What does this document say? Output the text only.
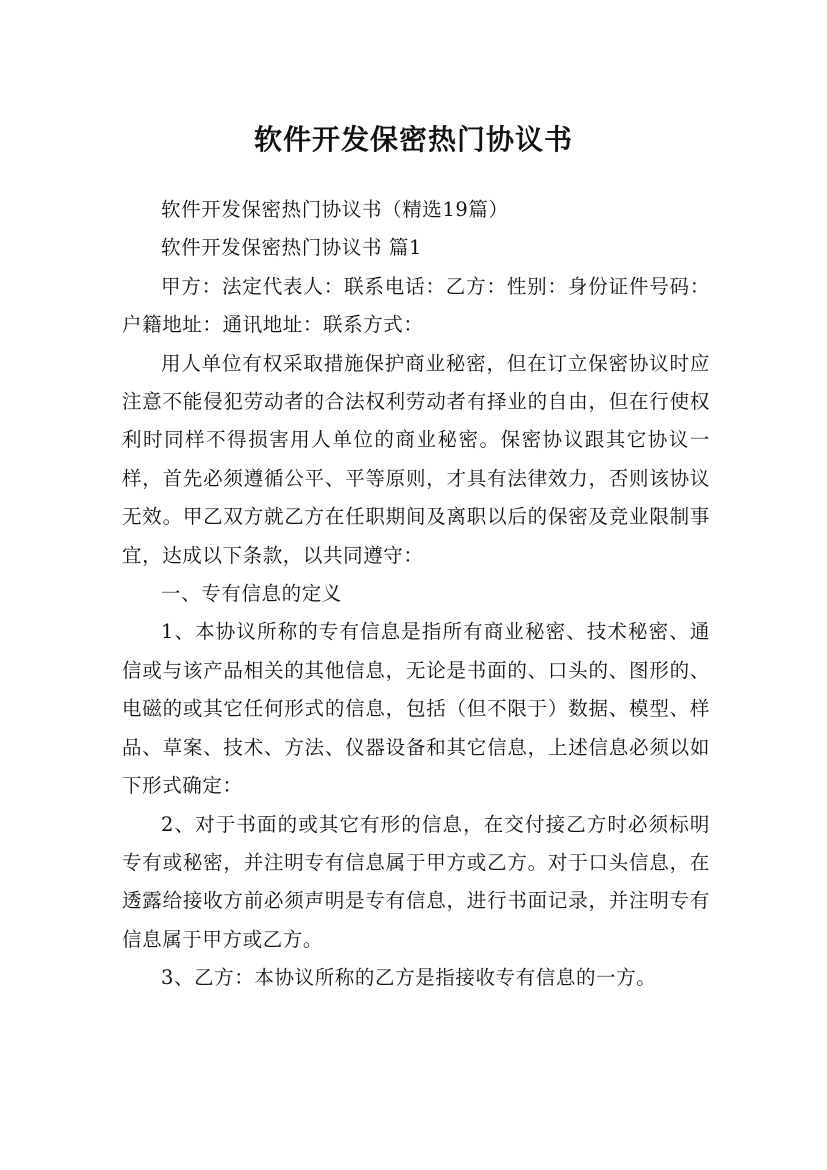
软件开发保密热门协议书

软件开发保密热门协议书（精选19篇）

软件开发保密热门协议书 篇1

甲方：法定代表人：联系电话：乙方：性别：身份证件号码： 户籍地址：通讯地址：联系方式：

用人单位有权采取措施保护商业秘密，但在订立保密协议时应注意不能侵犯劳动者的合法权利劳动者有择业的自由，但在行使权利时同样不得损害用人单位的商业秘密。保密协议跟其它协议一样，首先必须遵循公平、平等原则，才具有法律效力，否则该协议无效。甲乙双方就乙方在任职期间及离职以后的保密及竞业限制事宜，达成以下条款，以共同遵守：

一、专有信息的定义

1、本协议所称的专有信息是指所有商业秘密、技术秘密、通信或与该产品相关的其他信息，无论是书面的、口头的、图形的、电磁的或其它任何形式的信息，包括（但不限于）数据、模型、样品、草案、技术、方法、仪器设备和其它信息，上述信息必须以如下形式确定：

2、对于书面的或其它有形的信息，在交付接乙方时必须标明专有或秘密，并注明专有信息属于甲方或乙方。对于口头信息，在透露给接收方前必须声明是专有信息，进行书面记录，并注明专有信息属于甲方或乙方。

3、乙方：本协议所称的乙方是指接收专有信息的一方。
